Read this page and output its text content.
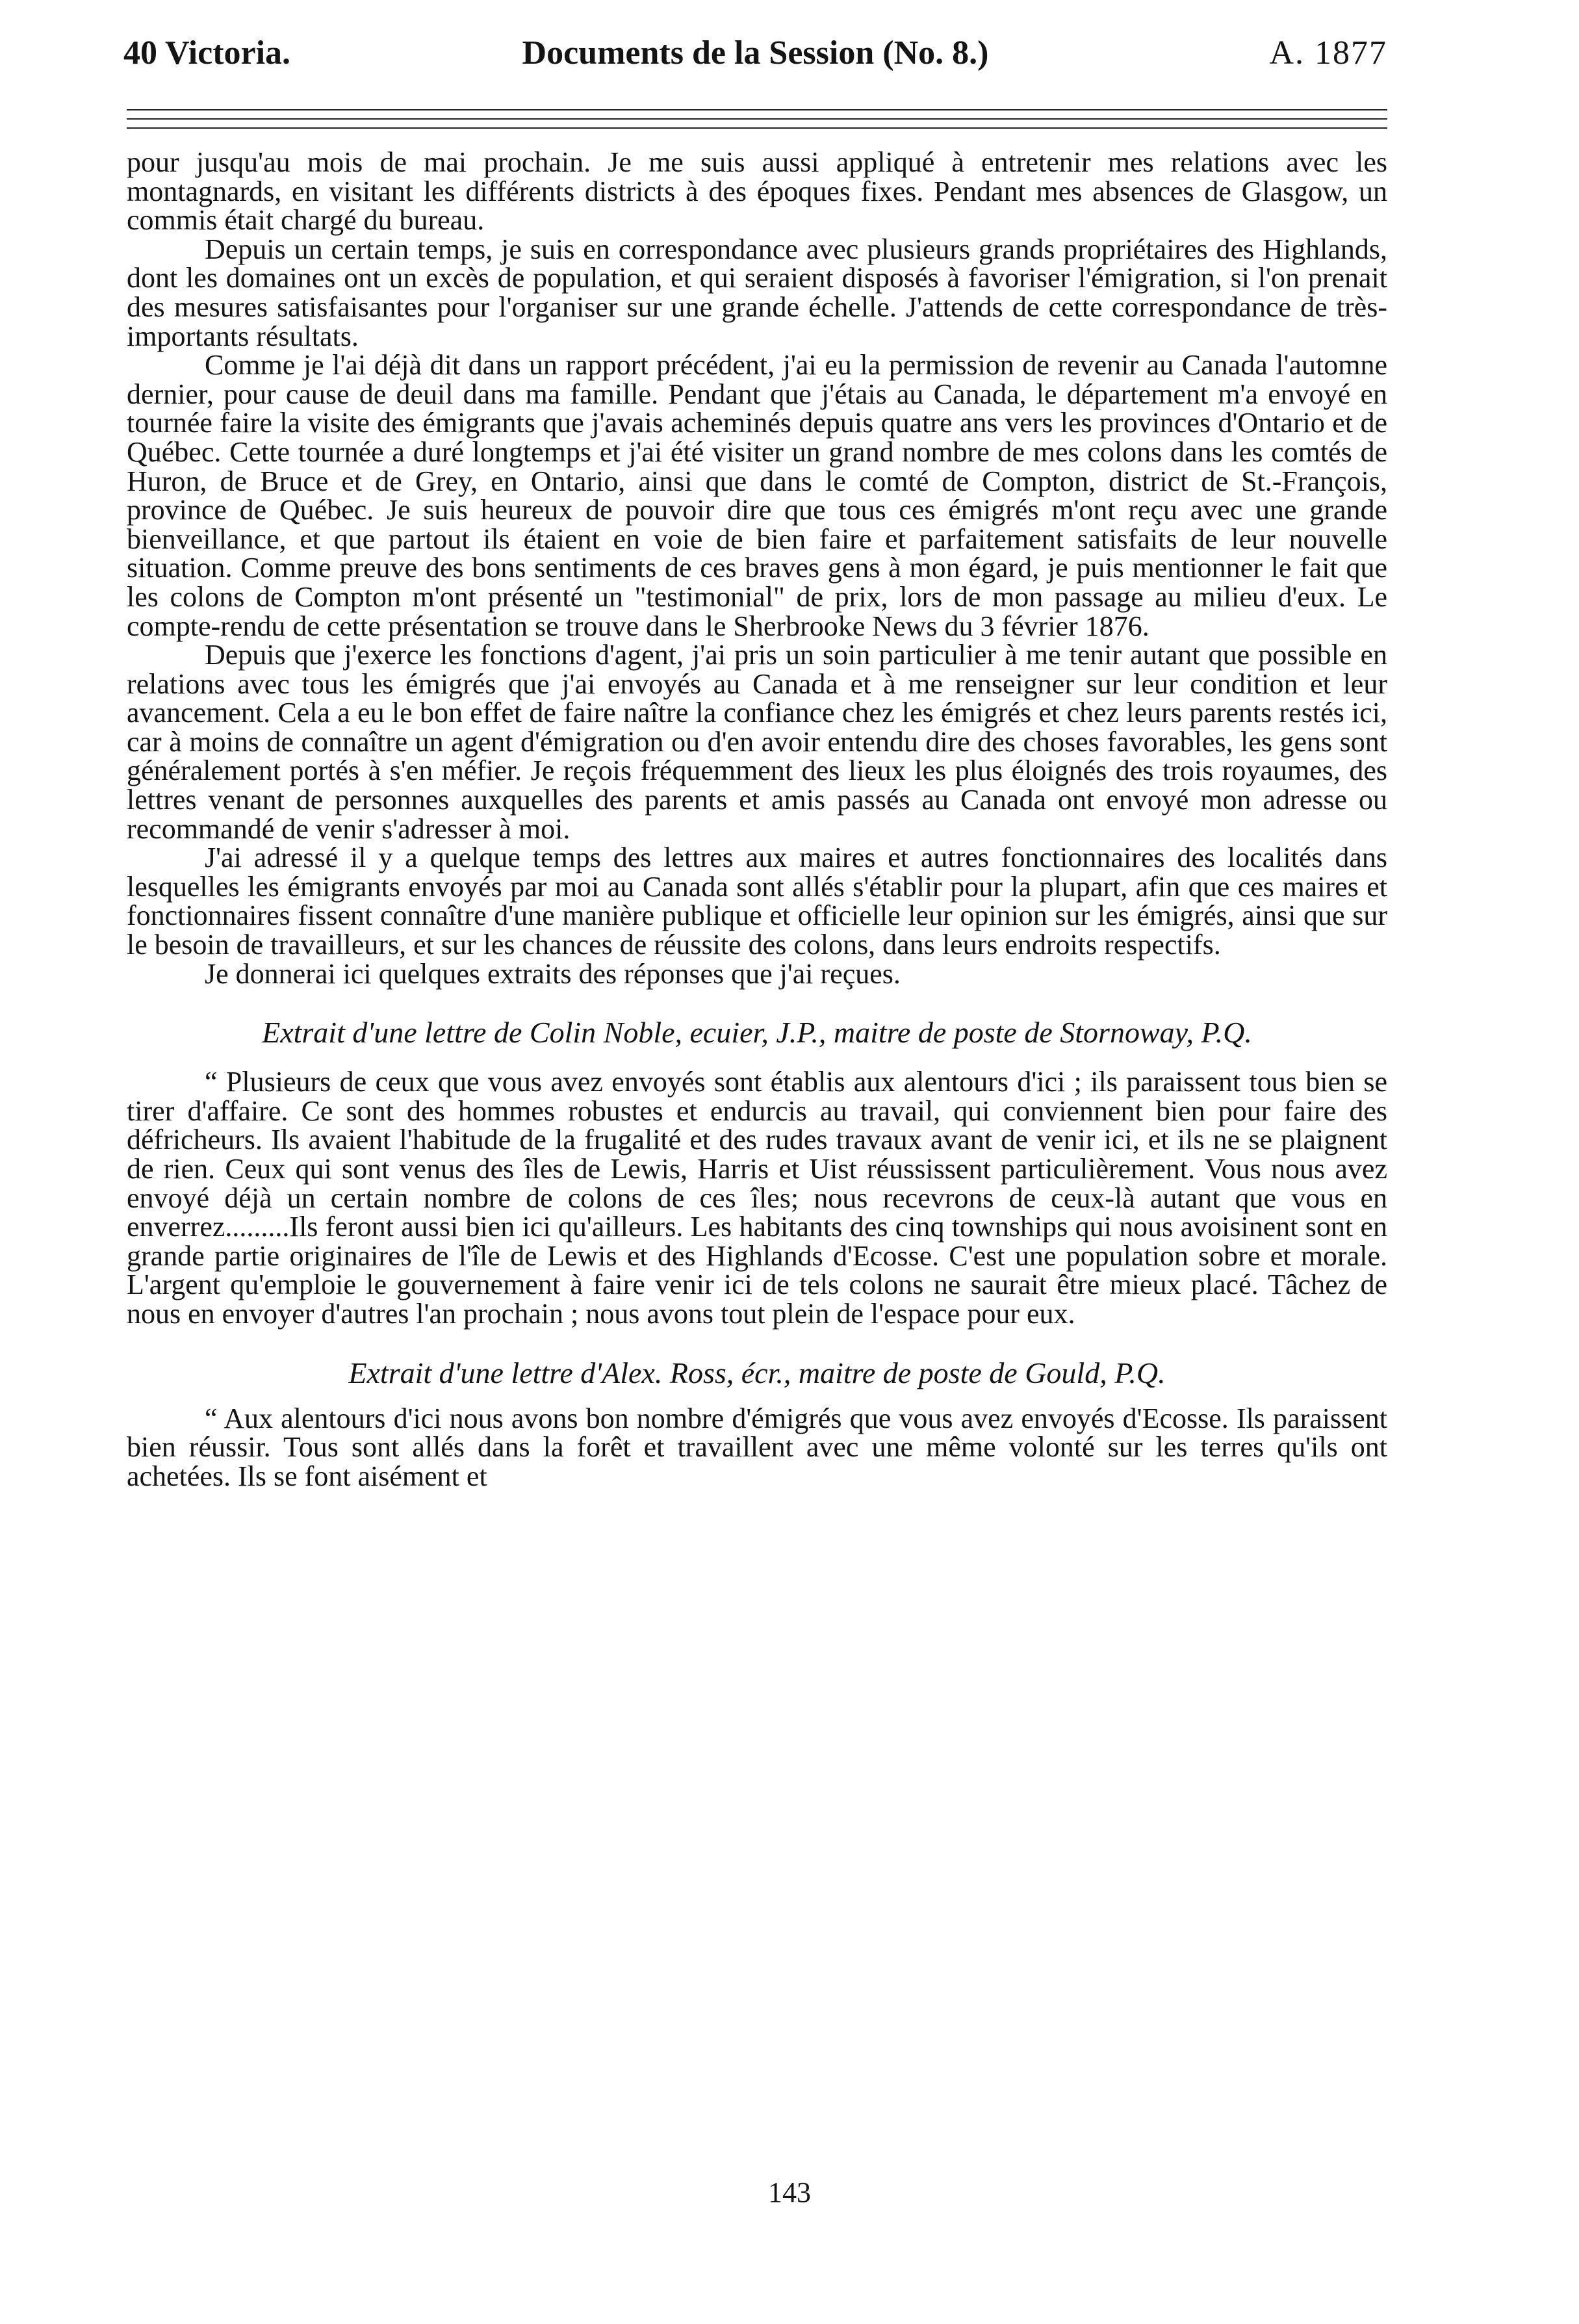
40 Victoria.	Documents de la Session (No. 8.)	A. 1877

pour jusqu'au mois de mai prochain. Je me suis aussi appliqué à entretenir mes relations avec les montagnards, en visitant les différents districts à des époques fixes. Pendant mes absences de Glasgow, un commis était chargé du bureau.

Depuis un certain temps, je suis en correspondance avec plusieurs grands propriétaires des Highlands, dont les domaines ont un excès de population, et qui seraient disposés à favoriser l'émigration, si l'on prenait des mesures satisfaisantes pour l'organiser sur une grande échelle. J'attends de cette correspondance de très-importants résultats.

Comme je l'ai déjà dit dans un rapport précédent, j'ai eu la permission de revenir au Canada l'automne dernier, pour cause de deuil dans ma famille. Pendant que j'étais au Canada, le département m'a envoyé en tournée faire la visite des émigrants que j'avais acheminés depuis quatre ans vers les provinces d'Ontario et de Québec. Cette tournée a duré longtemps et j'ai été visiter un grand nombre de mes colons dans les comtés de Huron, de Bruce et de Grey, en Ontario, ainsi que dans le comté de Compton, district de St.-François, province de Québec. Je suis heureux de pouvoir dire que tous ces émigrés m'ont reçu avec une grande bienveillance, et que partout ils étaient en voie de bien faire et parfaitement satisfaits de leur nouvelle situation. Comme preuve des bons sentiments de ces braves gens à mon égard, je puis mentionner le fait que les colons de Compton m'ont présenté un "testimonial" de prix, lors de mon passage au milieu d'eux. Le compte-rendu de cette présentation se trouve dans le Sherbrooke News du 3 février 1876.

Depuis que j'exerce les fonctions d'agent, j'ai pris un soin particulier à me tenir autant que possible en relations avec tous les émigrés que j'ai envoyés au Canada et à me renseigner sur leur condition et leur avancement. Cela a eu le bon effet de faire naître la confiance chez les émigrés et chez leurs parents restés ici, car à moins de connaître un agent d'émigration ou d'en avoir entendu dire des choses favorables, les gens sont généralement portés à s'en méfier. Je reçois fréquemment des lieux les plus éloignés des trois royaumes, des lettres venant de personnes auxquelles des parents et amis passés au Canada ont envoyé mon adresse ou recommandé de venir s'adresser à moi.

J'ai adressé il y a quelque temps des lettres aux maires et autres fonctionnaires des localités dans lesquelles les émigrants envoyés par moi au Canada sont allés s'établir pour la plupart, afin que ces maires et fonctionnaires fissent connaître d'une manière publique et officielle leur opinion sur les émigrés, ainsi que sur le besoin de travailleurs, et sur les chances de réussite des colons, dans leurs endroits respectifs.

Je donnerai ici quelques extraits des réponses que j'ai reçues.

Extrait d'une lettre de Colin Noble, ecuier, J.P., maitre de poste de Stornoway, P.Q.

“ Plusieurs de ceux que vous avez envoyés sont établis aux alentours d'ici ; ils paraissent tous bien se tirer d'affaire. Ce sont des hommes robustes et endurcis au travail, qui conviennent bien pour faire des défricheurs. Ils avaient l'habitude de la frugalité et des rudes travaux avant de venir ici, et ils ne se plaignent de rien. Ceux qui sont venus des îles de Lewis, Harris et Uist réussissent particulièrement. Vous nous avez envoyé déjà un certain nombre de colons de ces îles; nous recevrons de ceux-là autant que vous en enverrez.........Ils feront aussi bien ici qu'ailleurs. Les habitants des cinq townships qui nous avoisinent sont en grande partie originaires de l'île de Lewis et des Highlands d'Ecosse. C'est une population sobre et morale. L'argent qu'emploie le gouvernement à faire venir ici de tels colons ne saurait être mieux placé. Tâchez de nous en envoyer d'autres l'an prochain ; nous avons tout plein de l'espace pour eux.

Extrait d'une lettre d'Alex. Ross, écr., maitre de poste de Gould, P.Q.

“ Aux alentours d'ici nous avons bon nombre d'émigrés que vous avez envoyés d'Ecosse. Ils paraissent bien réussir. Tous sont allés dans la forêt et travaillent avec une même volonté sur les terres qu'ils ont achetées. Ils se font aisément et

143
